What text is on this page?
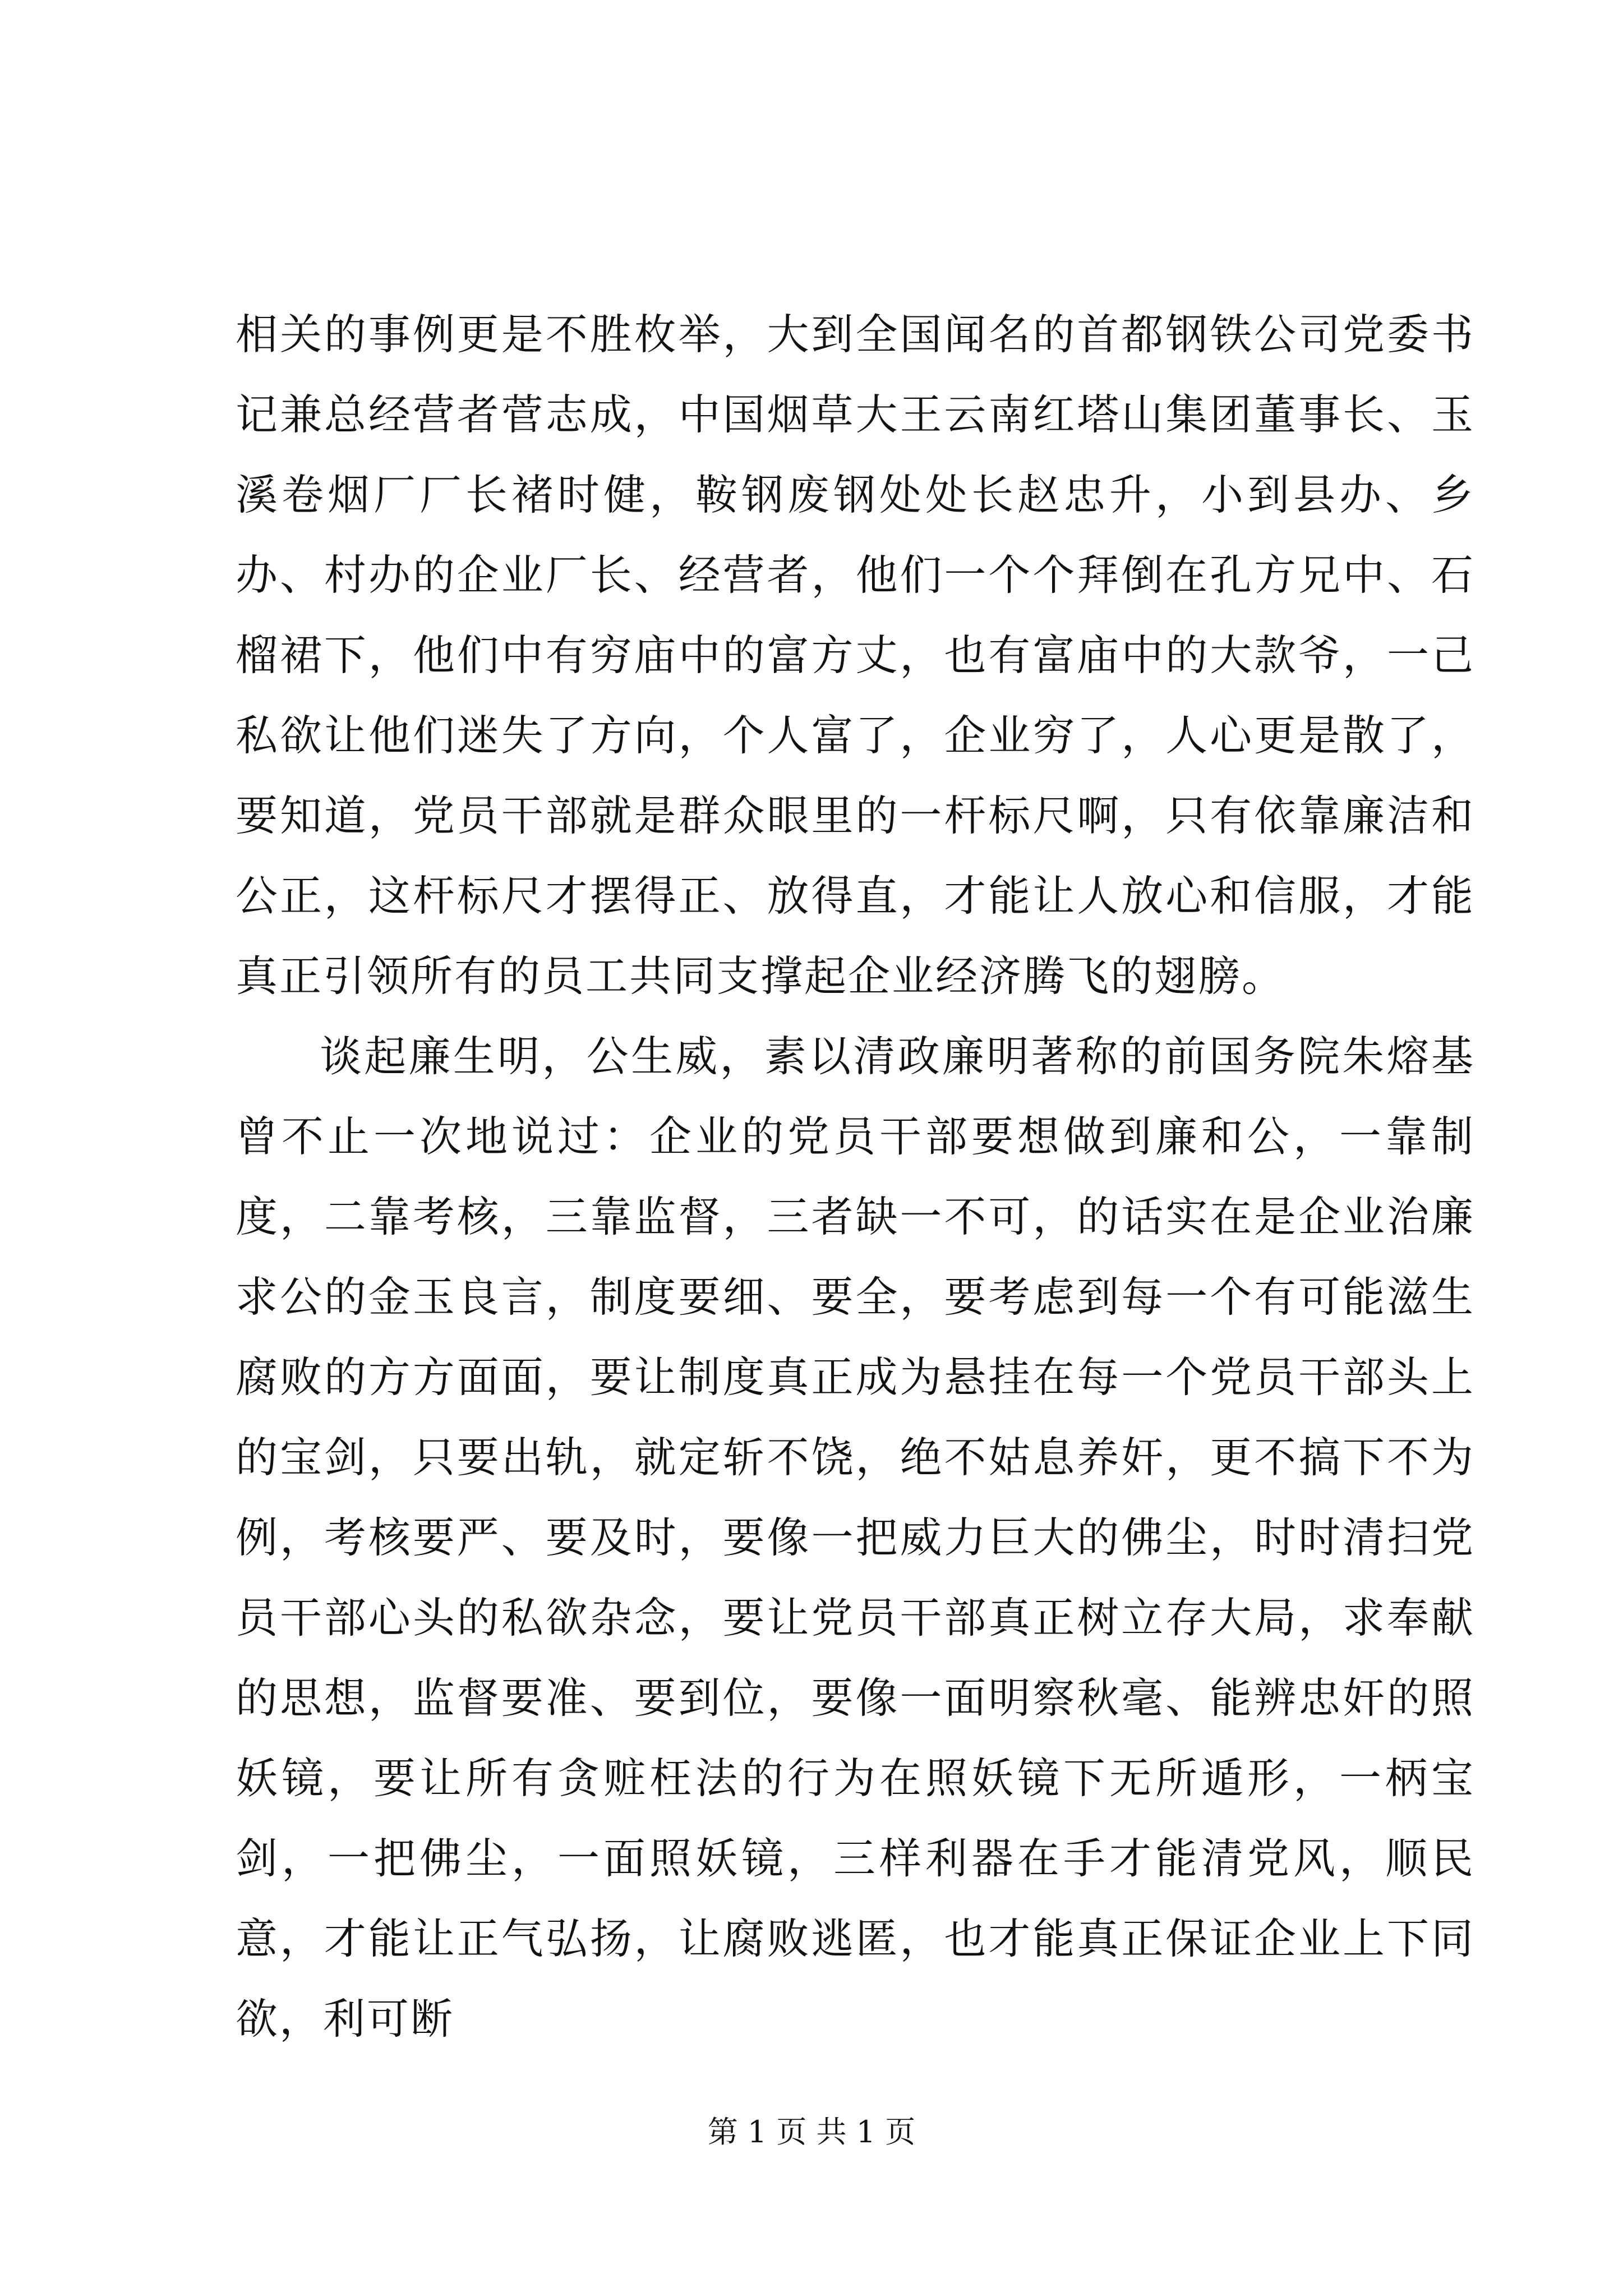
相关的事例更是不胜枚举，大到全国闻名的首都钢铁公司党委书记兼总经营者菅志成，中国烟草大王云南红塔山集团董事长、玉溪卷烟厂厂长褚时健，鞍钢废钢处处长赵忠升，小到县办、乡办、村办的企业厂长、经营者，他们一个个拜倒在孔方兄中、石榴裙下，他们中有穷庙中的富方丈，也有富庙中的大款爷，一己私欲让他们迷失了方向，个人富了，企业穷了，人心更是散了，要知道，党员干部就是群众眼里的一杆标尺啊，只有依靠廉洁和公正，这杆标尺才摆得正、放得直，才能让人放心和信服，才能真正引领所有的员工共同支撑起企业经济腾飞的翅膀。

谈起廉生明，公生威，素以清政廉明著称的前国务院朱熔基曾不止一次地说过：企业的党员干部要想做到廉和公，一靠制度，二靠考核，三靠监督，三者缺一不可，的话实在是企业治廉求公的金玉良言，制度要细、要全，要考虑到每一个有可能滋生腐败的方方面面，要让制度真正成为悬挂在每一个党员干部头上的宝剑，只要出轨，就定斩不饶，绝不姑息养奸，更不搞下不为例，考核要严、要及时，要像一把威力巨大的佛尘，时时清扫党员干部心头的私欲杂念，要让党员干部真正树立存大局，求奉献的思想，监督要准、要到位，要像一面明察秋毫、能辨忠奸的照妖镜，要让所有贪赃枉法的行为在照妖镜下无所遁形，一柄宝剑，一把佛尘，一面照妖镜，三样利器在手才能清党风，顺民意，才能让正气弘扬，让腐败逃匿，也才能真正保证企业上下同欲，利可断

第 1 页 共 1 页
